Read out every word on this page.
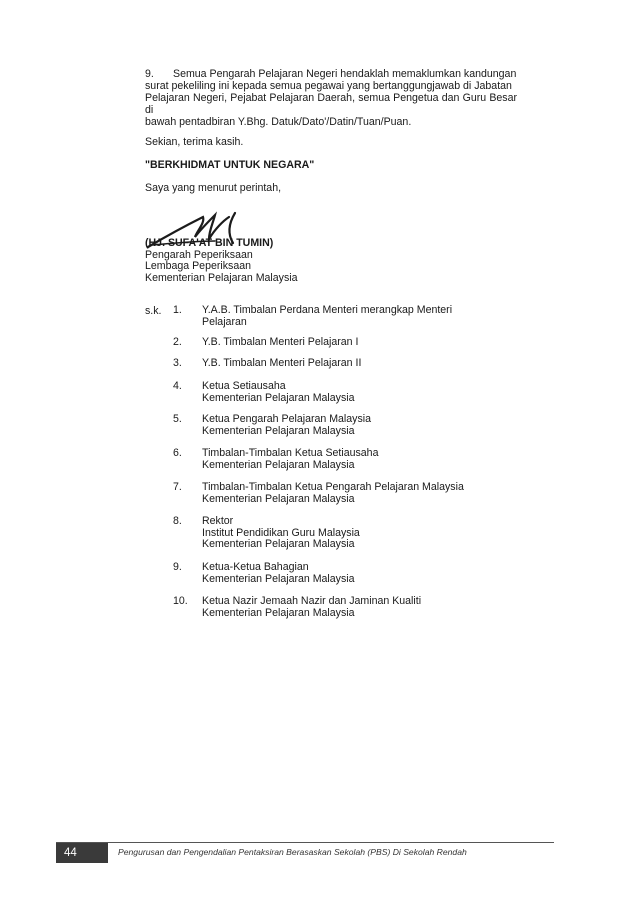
9. Semua Pengarah Pelajaran Negeri hendaklah memaklumkan kandungan
surat pekeliling ini kepada semua pegawai yang bertanggungjawab di Jabatan
Pelajaran Negeri, Pejabat Pelajaran Daerah, semua Pengetua dan Guru Besar di
bawah pentadbiran Y.Bhg. Datuk/Dato'/Datin/Tuan/Puan.
Sekian, terima kasih.
"BERKHIDMAT UNTUK NEGARA"
Saya yang menurut perintah,
(HJ. SUFA'AT BIN TUMIN)
Pengarah Peperiksaan
Lembaga Peperiksaan
Kementerian Pelajaran Malaysia
s.k. 1.	Y.A.B. Timbalan Perdana Menteri merangkap Menteri
Pelajaran
2.	Y.B. Timbalan Menteri Pelajaran I
3.	Y.B. Timbalan Menteri Pelajaran II
4.	Ketua Setiausaha
Kementerian Pelajaran Malaysia
5.	Ketua Pengarah Pelajaran Malaysia
Kementerian Pelajaran Malaysia
6.	Timbalan-Timbalan Ketua Setiausaha
Kementerian Pelajaran Malaysia
7.	Timbalan-Timbalan Ketua Pengarah Pelajaran Malaysia
Kementerian Pelajaran Malaysia
8.	Rektor
Institut Pendidikan Guru Malaysia
Kementerian Pelajaran Malaysia
9.	Ketua-Ketua Bahagian
Kementerian Pelajaran Malaysia
10.	Ketua Nazir Jemaah Nazir dan Jaminan Kualiti
Kementerian Pelajaran Malaysia
44	Pengurusan dan Pengendalian Pentaksiran Berasaskan Sekolah (PBS) Di Sekolah Rendah
